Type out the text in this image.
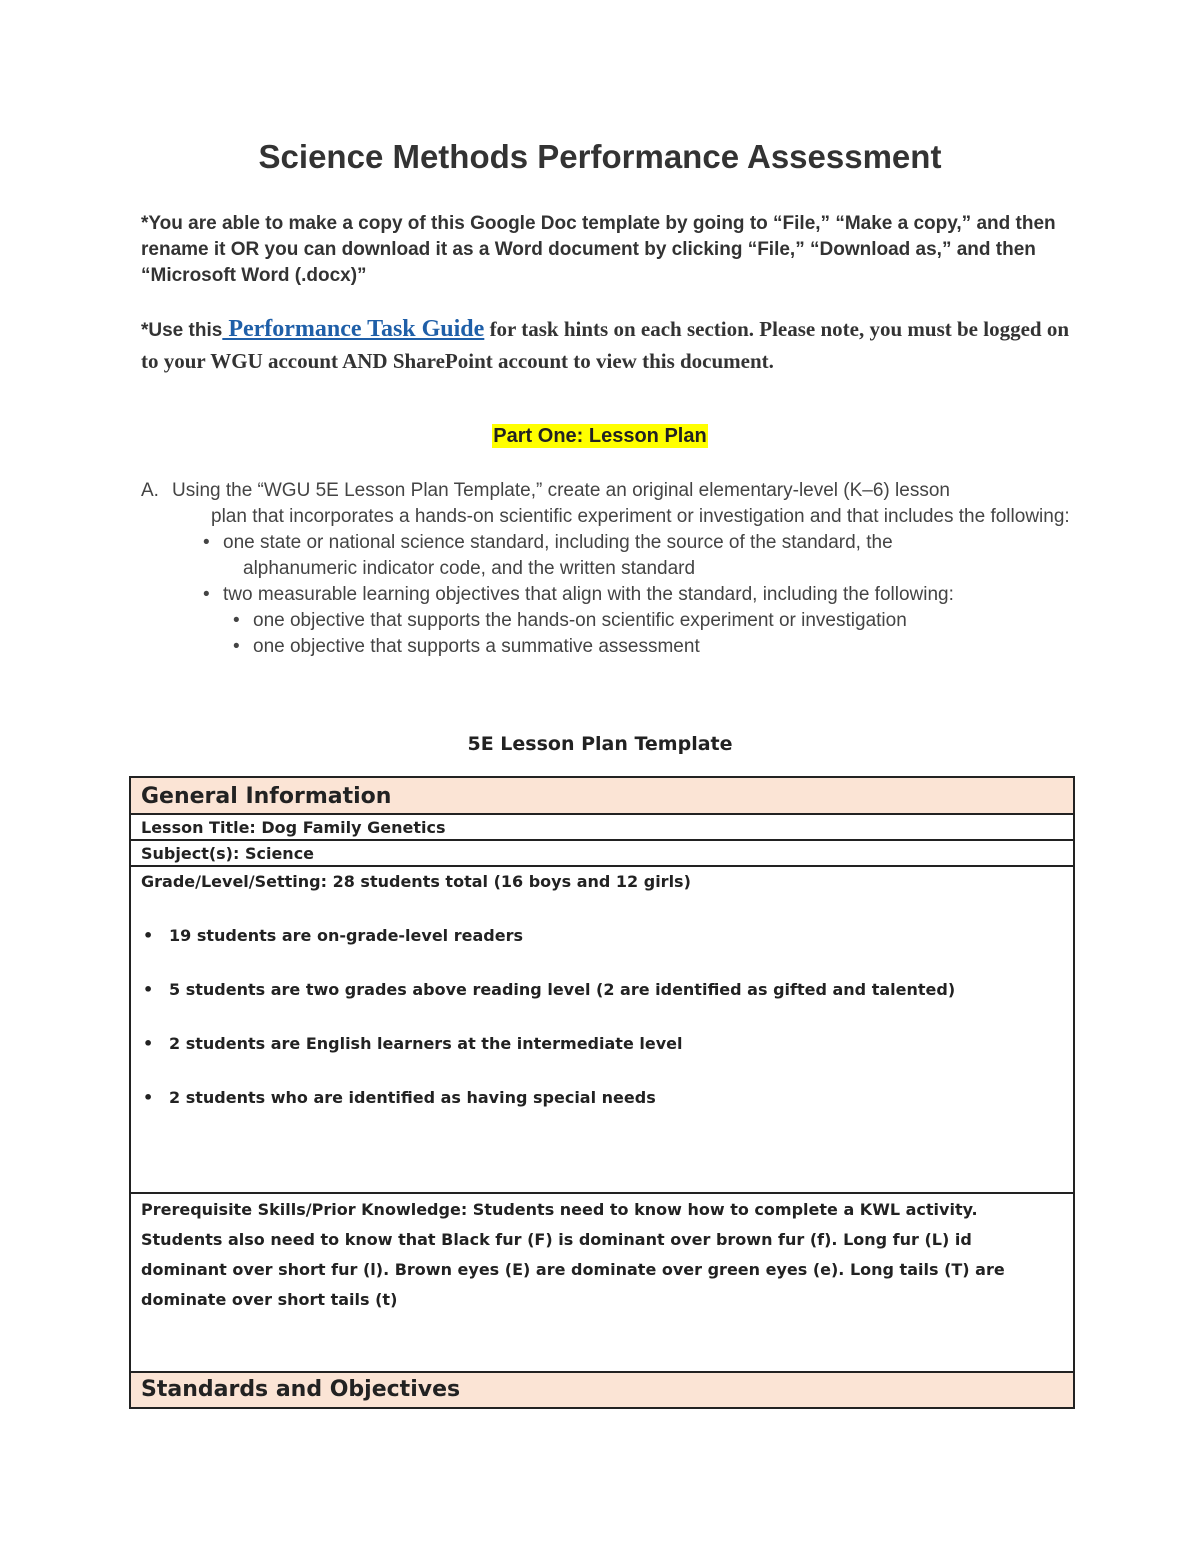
Science Methods Performance Assessment

*You are able to make a copy of this Google Doc template by going to “File,” “Make a copy,” and then rename it OR you can download it as a Word document by clicking “File,” “Download as,” and then “Microsoft Word (.docx)”

*Use this Performance Task Guide for task hints on each section. Please note, you must be logged on to your WGU account AND SharePoint account to view this document.

Part One: Lesson Plan

A. Using the “WGU 5E Lesson Plan Template,” create an original elementary-level (K–6) lesson
plan that incorporates a hands-on scientific experiment or investigation and that includes the following:
• one state or national science standard, including the source of the standard, the
alphanumeric indicator code, and the written standard
• two measurable learning objectives that align with the standard, including the following:
• one objective that supports the hands-on scientific experiment or investigation
• one objective that supports a summative assessment

5E Lesson Plan Template

General Information
Lesson Title: Dog Family Genetics
Subject(s): Science
Grade/Level/Setting: 28 students total (16 boys and 12 girls)
• 19 students are on-grade-level readers
• 5 students are two grades above reading level (2 are identified as gifted and talented)
• 2 students are English learners at the intermediate level
• 2 students who are identified as having special needs
Prerequisite Skills/Prior Knowledge: Students need to know how to complete a KWL activity. Students also need to know that Black fur (F) is dominant over brown fur (f). Long fur (L) id dominant over short fur (l). Brown eyes (E) are dominate over green eyes (e). Long tails (T) are dominate over short tails (t)
Standards and Objectives
